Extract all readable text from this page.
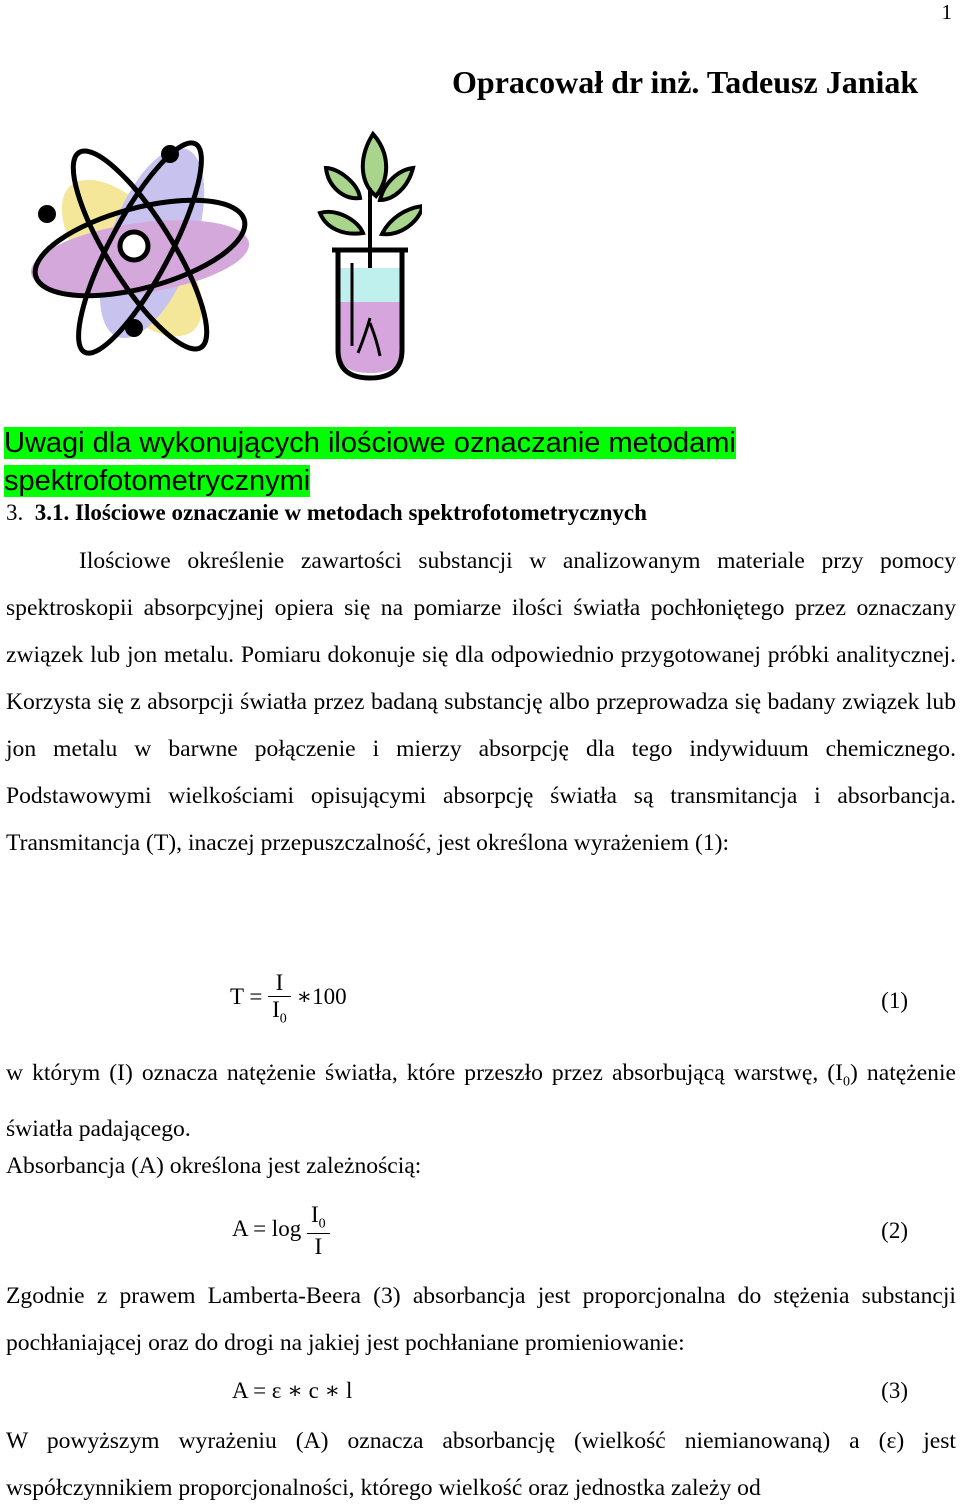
1
Opracował dr inż. Tadeusz Janiak
Uwagi dla wykonujących ilościowe oznaczanie metodami spektrofotometrycznymi
3. 3.1. Ilościowe oznaczanie w metodach spektrofotometrycznych

Ilościowe określenie zawartości substancji w analizowanym materiale przy pomocy spektroskopii absorpcyjnej opiera się na pomiarze ilości światła pochłoniętego przez oznaczany związek lub jon metalu. Pomiaru dokonuje się dla odpowiednio przygotowanej próbki analitycznej. Korzysta się z absorpcji światła przez badaną substancję albo przeprowadza się badany związek lub jon metalu w barwne połączenie i mierzy absorpcję dla tego indywiduum chemicznego. Podstawowymi wielkościami opisującymi absorpcję światła są transmitancja i absorbancja. Transmitancja (T), inaczej przepuszczalność, jest określona wyrażeniem (1):

$T = \frac{I}{I_0}$ ∗100	(1)

w którym (I) oznacza natężenie światła, które przeszło przez absorbującą warstwę, $(I_0)$ natężenie światła padającego.

Absorbancja (A) określona jest zależnością:
$A = \log \frac{I_0}{I}$	(2)

Zgodnie z prawem Lamberta-Beera (3) absorbancja jest proporcjonalna do stężenia substancji pochłaniającej oraz do drogi na jakiej jest pochłaniane promieniowanie:

A = ε ∗ c ∗ l	(3)

W powyższym wyrażeniu (A) oznacza absorbancję (wielkość niemianowaną) a (ε) jest współczynnikiem proporcjonalności, którego wielkość oraz jednostka zależy od
